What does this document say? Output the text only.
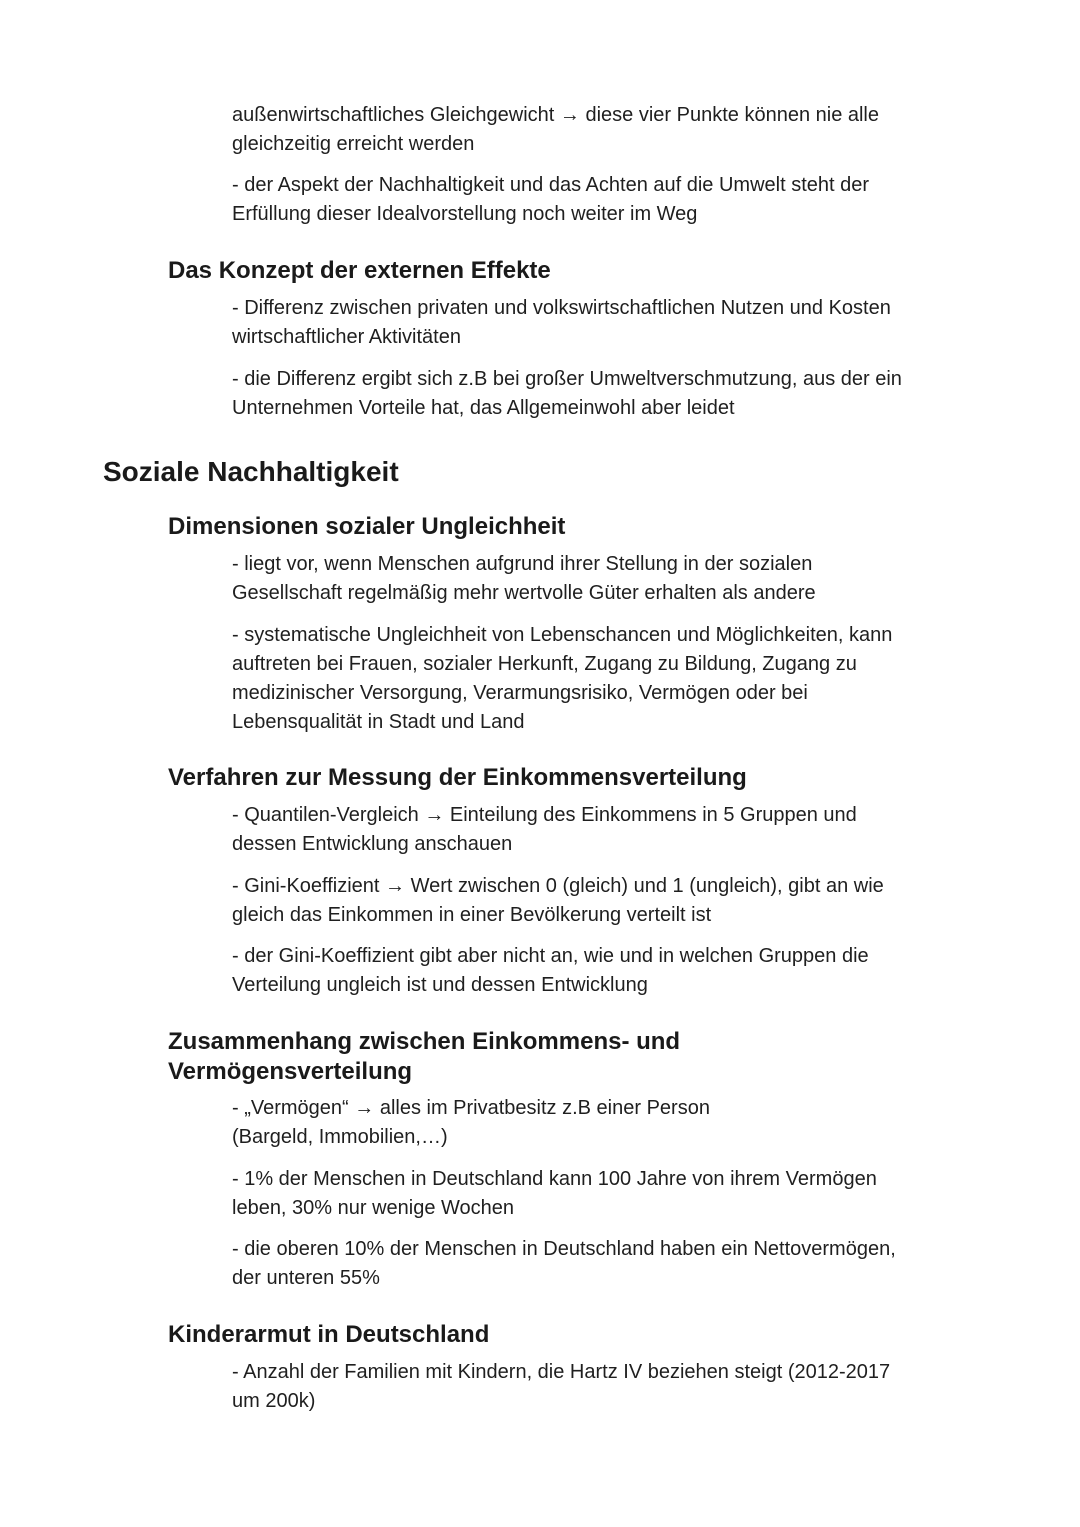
außenwirtschaftliches Gleichgewicht → diese vier Punkte können nie alle
gleichzeitig erreicht werden

- der Aspekt der Nachhaltigkeit und das Achten auf die Umwelt steht der
Erfüllung dieser Idealvorstellung noch weiter im Weg

Das Konzept der externen Effekte

- Differenz zwischen privaten und volkswirtschaftlichen Nutzen und Kosten
wirtschaftlicher Aktivitäten

- die Differenz ergibt sich z.B bei großer Umweltverschmutzung, aus der ein
Unternehmen Vorteile hat, das Allgemeinwohl aber leidet

Soziale Nachhaltigkeit
Dimensionen sozialer Ungleichheit

- liegt vor, wenn Menschen aufgrund ihrer Stellung in der sozialen
Gesellschaft regelmäßig mehr wertvolle Güter erhalten als andere

- systematische Ungleichheit von Lebenschancen und Möglichkeiten, kann
auftreten bei Frauen, sozialer Herkunft, Zugang zu Bildung, Zugang zu
medizinischer Versorgung, Verarmungsrisiko, Vermögen oder bei
Lebensqualität in Stadt und Land

Verfahren zur Messung der Einkommensverteilung

- Quantilen-Vergleich → Einteilung des Einkommens in 5 Gruppen und
dessen Entwicklung anschauen

- Gini-Koeffizient → Wert zwischen 0 (gleich) und 1 (ungleich), gibt an wie
gleich das Einkommen in einer Bevölkerung verteilt ist

- der Gini-Koeffizient gibt aber nicht an, wie und in welchen Gruppen die
Verteilung ungleich ist und dessen Entwicklung

Zusammenhang zwischen Einkommens- und
Vermögensverteilung

- „Vermögen“ → alles im Privatbesitz z.B einer Person
(Bargeld, Immobilien,…)

- 1% der Menschen in Deutschland kann 100 Jahre von ihrem Vermögen
leben, 30% nur wenige Wochen

- die oberen 10% der Menschen in Deutschland haben ein Nettovermögen,
der unteren 55%

Kinderarmut in Deutschland

- Anzahl der Familien mit Kindern, die Hartz IV beziehen steigt (2012-2017
um 200k)
